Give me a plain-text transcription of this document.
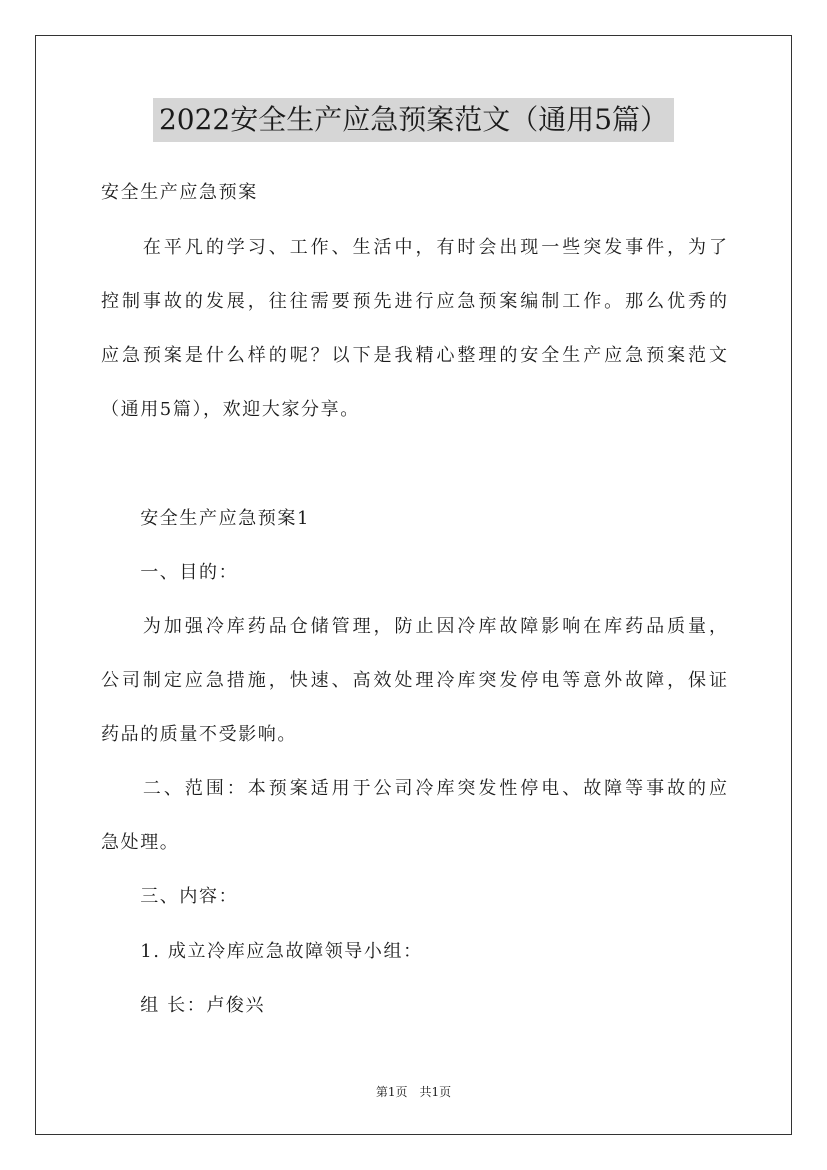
2022安全生产应急预案范文（通用5篇）
安全生产应急预案
　　在平凡的学习、工作、生活中，有时会出现一些突发事件，为了
控制事故的发展，往往需要预先进行应急预案编制工作。那么优秀的
应急预案是什么样的呢？以下是我精心整理的安全生产应急预案范文
（通用5篇），欢迎大家分享。
　　安全生产应急预案1
　　一、目的：
　　为加强冷库药品仓储管理，防止因冷库故障影响在库药品质量，
公司制定应急措施，快速、高效处理冷库突发停电等意外故障，保证
药品的质量不受影响。
　　二、范围：本预案适用于公司冷库突发性停电、故障等事故的应
急处理。
　　三、内容：
　　1. 成立冷库应急故障领导小组：
　　组 长：卢俊兴
第1页　共1页
